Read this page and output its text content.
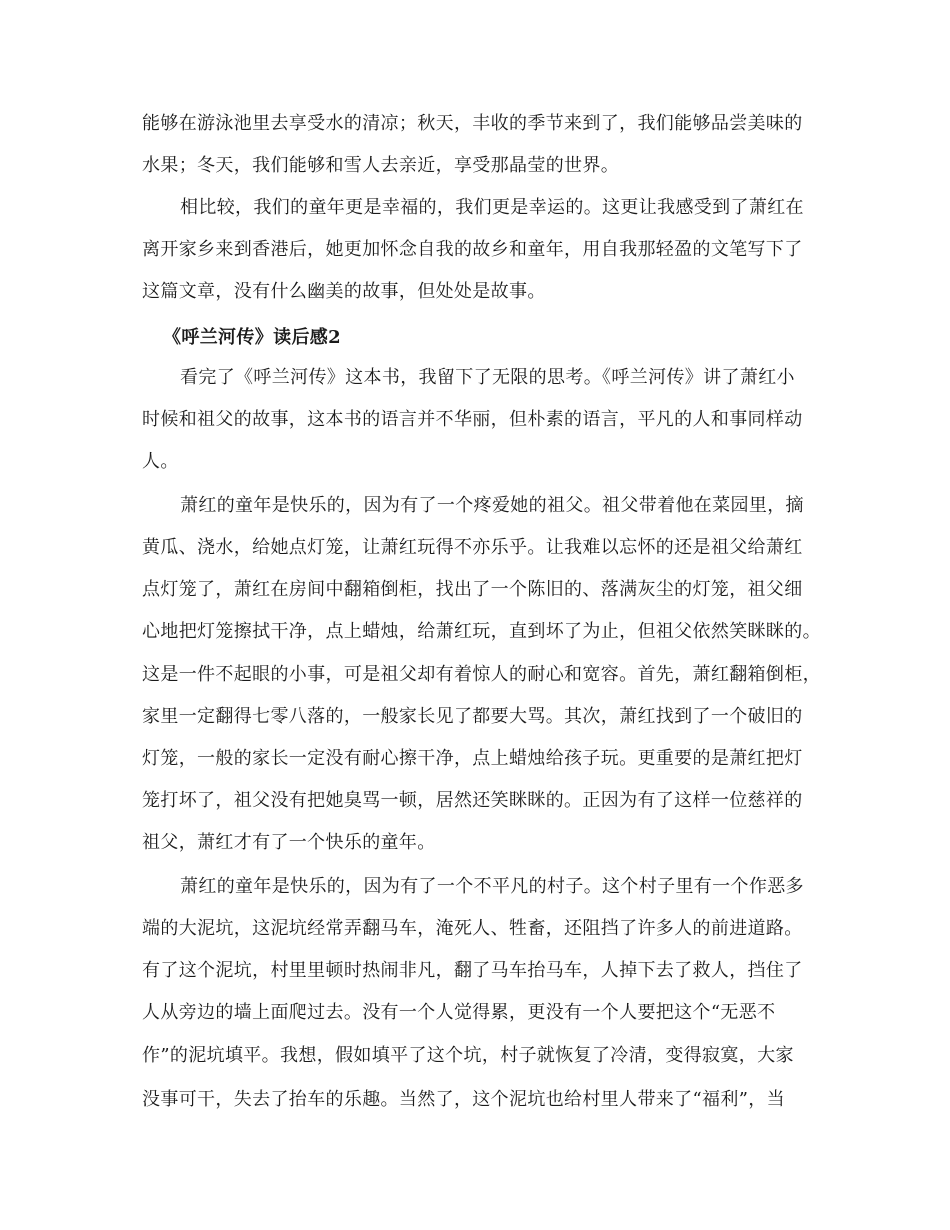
能够在游泳池里去享受水的清凉；秋天，丰收的季节来到了，我们能够品尝美味的
水果；冬天，我们能够和雪人去亲近，享受那晶莹的世界。
相比较，我们的童年更是幸福的，我们更是幸运的。这更让我感受到了萧红在
离开家乡来到香港后，她更加怀念自我的故乡和童年，用自我那轻盈的文笔写下了
这篇文章，没有什么幽美的故事，但处处是故事。
《呼兰河传》读后感2
看完了《呼兰河传》这本书，我留下了无限的思考。《呼兰河传》讲了萧红小
时候和祖父的故事，这本书的语言并不华丽，但朴素的语言，平凡的人和事同样动
人。
萧红的童年是快乐的，因为有了一个疼爱她的祖父。祖父带着他在菜园里，摘
黄瓜、浇水，给她点灯笼，让萧红玩得不亦乐乎。让我难以忘怀的还是祖父给萧红
点灯笼了，萧红在房间中翻箱倒柜，找出了一个陈旧的、落满灰尘的灯笼，祖父细
心地把灯笼擦拭干净，点上蜡烛，给萧红玩，直到坏了为止，但祖父依然笑眯眯的。
这是一件不起眼的小事，可是祖父却有着惊人的耐心和宽容。首先，萧红翻箱倒柜，
家里一定翻得七零八落的，一般家长见了都要大骂。其次，萧红找到了一个破旧的
灯笼，一般的家长一定没有耐心擦干净，点上蜡烛给孩子玩。更重要的是萧红把灯
笼打坏了，祖父没有把她臭骂一顿，居然还笑眯眯的。正因为有了这样一位慈祥的
祖父，萧红才有了一个快乐的童年。
萧红的童年是快乐的，因为有了一个不平凡的村子。这个村子里有一个作恶多
端的大泥坑，这泥坑经常弄翻马车，淹死人、牲畜，还阻挡了许多人的前进道路。
有了这个泥坑，村里里顿时热闹非凡，翻了马车抬马车，人掉下去了救人，挡住了
人从旁边的墙上面爬过去。没有一个人觉得累，更没有一个人要把这个“无恶不
作”的泥坑填平。我想，假如填平了这个坑，村子就恢复了冷清，变得寂寞，大家
没事可干，失去了抬车的乐趣。当然了，这个泥坑也给村里人带来了“福利”，当
